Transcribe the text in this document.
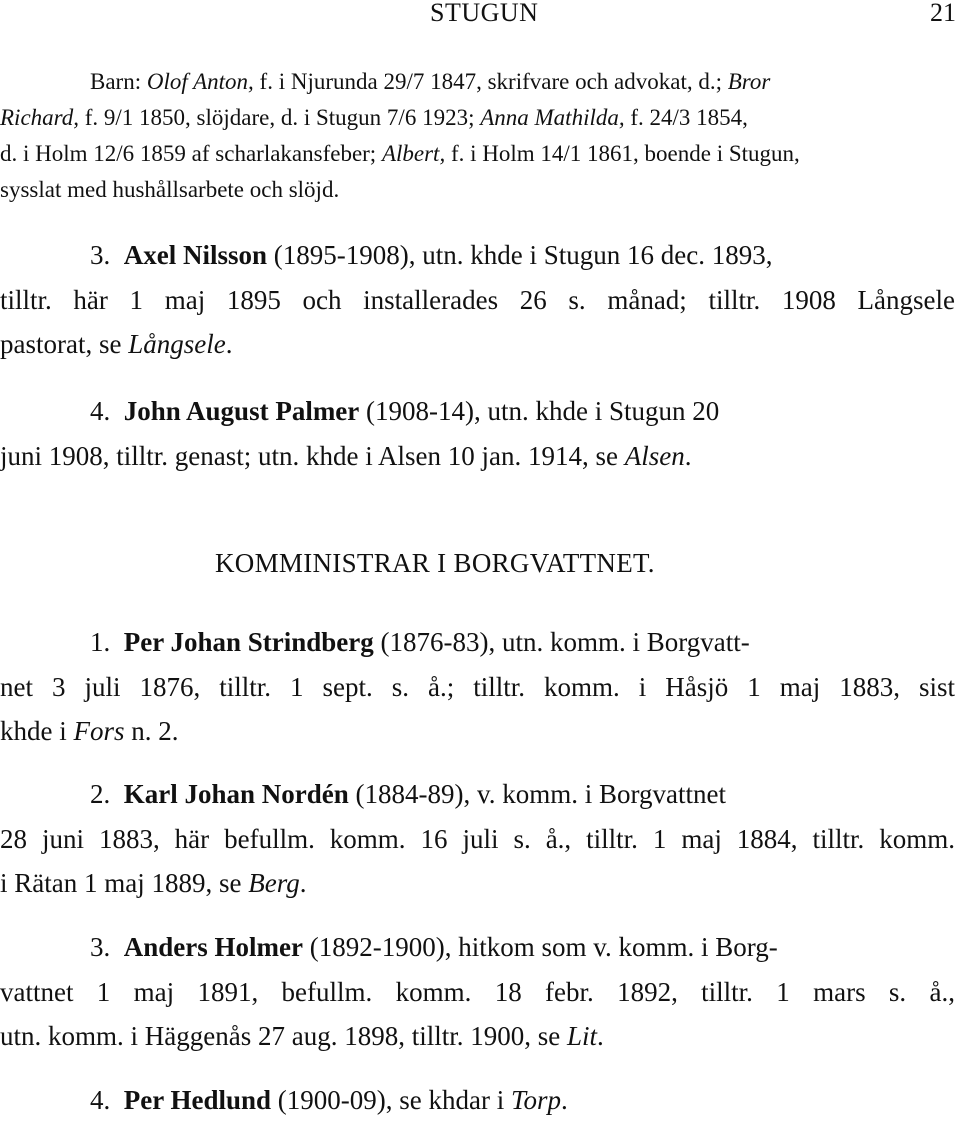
STUGUN	21
Barn: Olof Anton, f. i Njurunda 29/7 1847, skrifvare och advokat, d.; Bror
Richard, f. 9/1 1850, slöjdare, d. i Stugun 7/6 1923; Anna Mathilda, f. 24/3 1854,
d. i Holm 12/6 1859 af scharlakansfeber; Albert, f. i Holm 14/1 1861, boende i Stugun,
sysslat med hushållsarbete och slöjd.
3. Axel Nilsson (1895-1908), utn. khde i Stugun 16 dec. 1893,
tilltr. här 1 maj 1895 och installerades 26 s. månad; tilltr. 1908 Långsele
pastorat, se Långsele.
4. John August Palmer (1908-14), utn. khde i Stugun 20
juni 1908, tilltr. genast; utn. khde i Alsen 10 jan. 1914, se Alsen.
KOMMINISTRAR I BORGVATTNET.
1. Per Johan Strindberg (1876-83), utn. komm. i Borgvatt-
net 3 juli 1876, tilltr. 1 sept. s. å.; tilltr. komm. i Håsjö 1 maj 1883, sist
khde i Fors n. 2.
2. Karl Johan Nordén (1884-89), v. komm. i Borgvattnet
28 juni 1883, här befullm. komm. 16 juli s. å., tilltr. 1 maj 1884, tilltr. komm.
i Rätan 1 maj 1889, se Berg.
3. Anders Holmer (1892-1900), hitkom som v. komm. i Borg-
vattnet 1 maj 1891, befullm. komm. 18 febr. 1892, tilltr. 1 mars s. å.,
utn. komm. i Häggenås 27 aug. 1898, tilltr. 1900, se Lit.
4. Per Hedlund (1900-09), se khdar i Torp.
